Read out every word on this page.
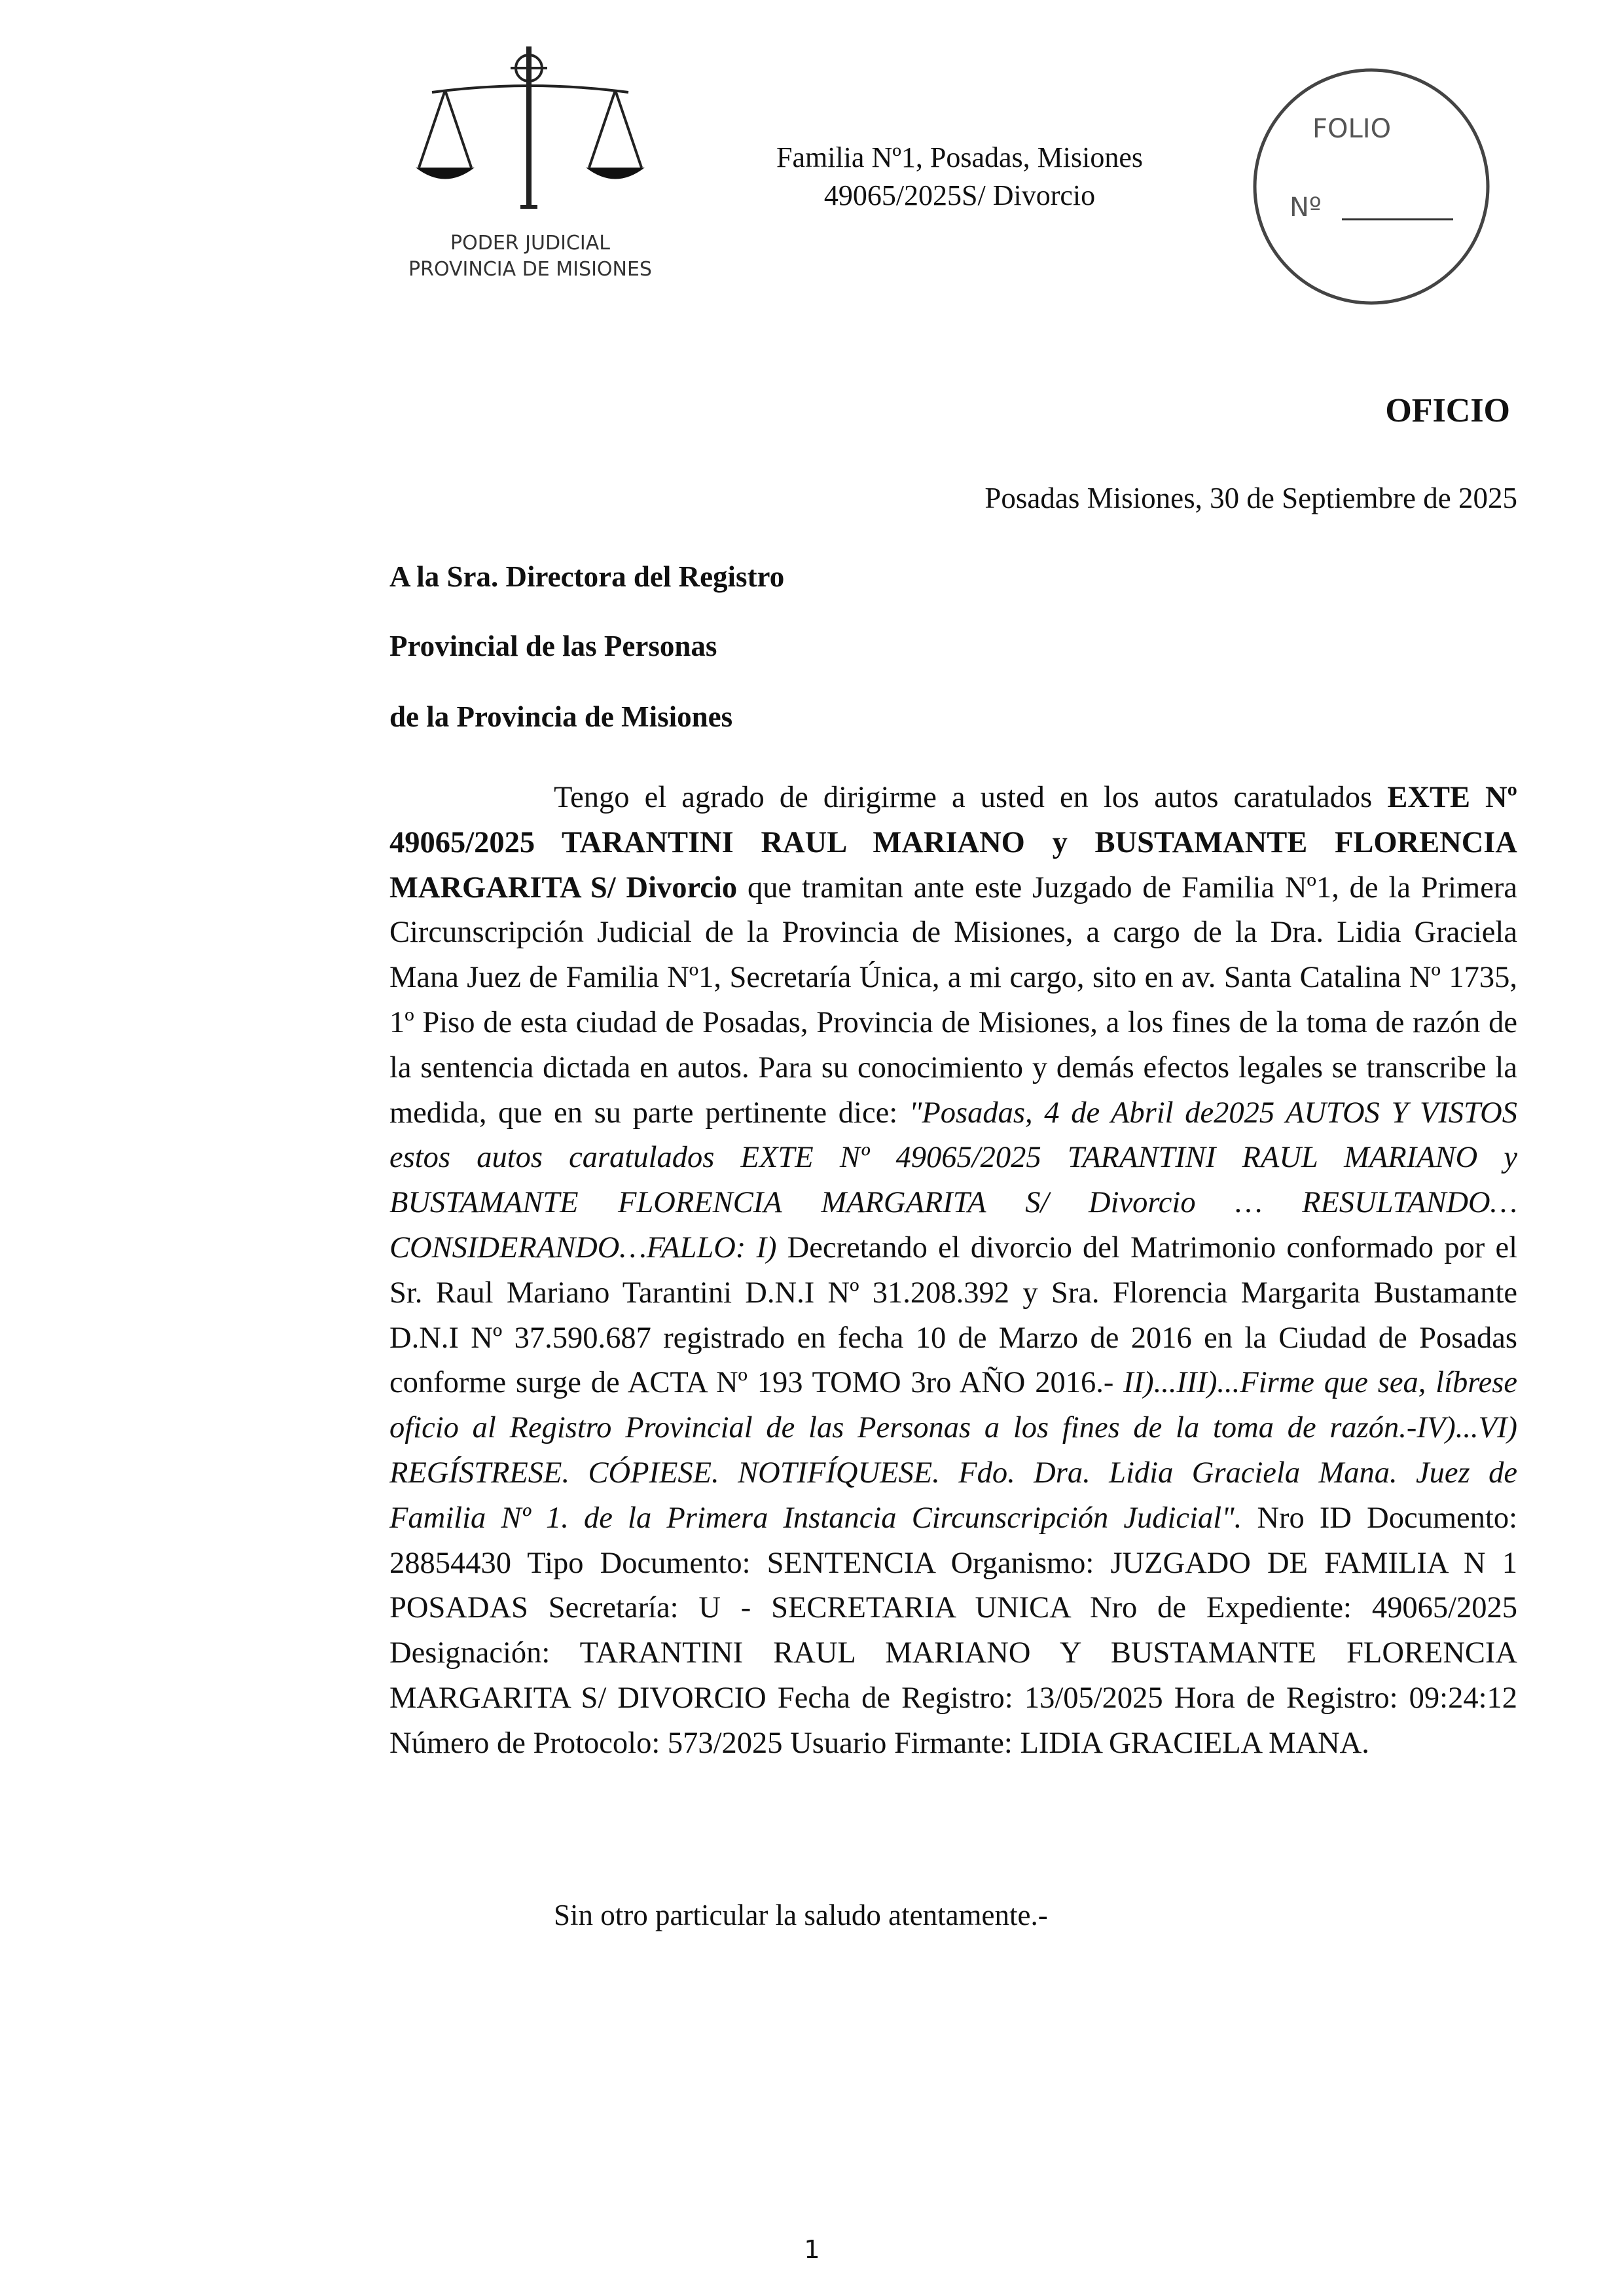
PODER JUDICIAL
PROVINCIA DE MISIONES
Familia Nº1, Posadas, Misiones
49065/2025S/ Divorcio
FOLIO
Nº
OFICIO
Posadas Misiones, 30 de Septiembre de 2025
A la Sra. Directora del Registro
Provincial de las Personas
de la Provincia de Misiones
Tengo el agrado de dirigirme a usted en los autos caratulados EXTE Nº 49065/2025 TARANTINI RAUL MARIANO y BUSTAMANTE FLORENCIA MARGARITA S/ Divorcio que tramitan ante este Juzgado de Familia Nº1, de la Primera Circunscripción Judicial de la Provincia de Misiones, a cargo de la Dra. Lidia Graciela Mana Juez de Familia Nº1, Secretaría Única, a mi cargo, sito en av. Santa Catalina Nº 1735, 1º Piso de esta ciudad de Posadas, Provincia de Misiones, a los fines de la toma de razón de la sentencia dictada en autos. Para su conocimiento y demás efectos legales se transcribe la medida, que en su parte pertinente dice: "Posadas, 4 de Abril de2025 AUTOS Y VISTOS estos autos caratulados EXTE Nº 49065/2025 TARANTINI RAUL MARIANO y BUSTAMANTE FLORENCIA MARGARITA S/ Divorcio … RESULTANDO…CONSIDERANDO…FALLO: I) Decretando el divorcio del Matrimonio conformado por el Sr. Raul Mariano Tarantini D.N.I Nº 31.208.392 y Sra. Florencia Margarita Bustamante D.N.I Nº 37.590.687 registrado en fecha 10 de Marzo de 2016 en la Ciudad de Posadas conforme surge de ACTA Nº 193 TOMO 3ro AÑO 2016.- II)...III)...Firme que sea, líbrese oficio al Registro Provincial de las Personas a los fines de la toma de razón.-IV)...VI) REGÍSTRESE. CÓPIESE. NOTIFÍQUESE. Fdo. Dra. Lidia Graciela Mana. Juez de Familia Nº 1. de la Primera Instancia Circunscripción Judicial". Nro ID Documento: 28854430 Tipo Documento: SENTENCIA Organismo: JUZGADO DE FAMILIA N 1 POSADAS Secretaría: U - SECRETARIA UNICA Nro de Expediente: 49065/2025 Designación: TARANTINI RAUL MARIANO Y BUSTAMANTE FLORENCIA MARGARITA S/ DIVORCIO Fecha de Registro: 13/05/2025 Hora de Registro: 09:24:12 Número de Protocolo: 573/2025 Usuario Firmante: LIDIA GRACIELA MANA.
Sin otro particular la saludo atentamente.-
1
